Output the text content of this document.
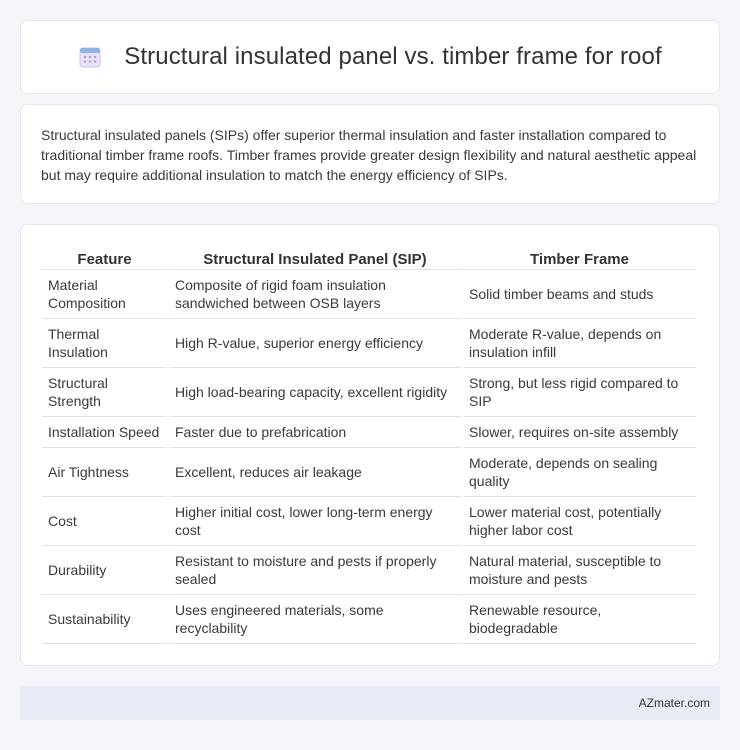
Structural insulated panel vs. timber frame for roof

Structural insulated panels (SIPs) offer superior thermal insulation and faster installation compared to traditional timber frame roofs. Timber frames provide greater design flexibility and natural aesthetic appeal but may require additional insulation to match the energy efficiency of SIPs.

Feature	Structural Insulated Panel (SIP)	Timber Frame
Material Composition	Composite of rigid foam insulation sandwiched between OSB layers	Solid timber beams and studs
Thermal Insulation	High R-value, superior energy efficiency	Moderate R-value, depends on insulation infill
Structural Strength	High load-bearing capacity, excellent rigidity	Strong, but less rigid compared to SIP
Installation Speed	Faster due to prefabrication	Slower, requires on-site assembly
Air Tightness	Excellent, reduces air leakage	Moderate, depends on sealing quality
Cost	Higher initial cost, lower long-term energy cost	Lower material cost, potentially higher labor cost
Durability	Resistant to moisture and pests if properly sealed	Natural material, susceptible to moisture and pests
Sustainability	Uses engineered materials, some recyclability	Renewable resource, biodegradable
AZmater.com
